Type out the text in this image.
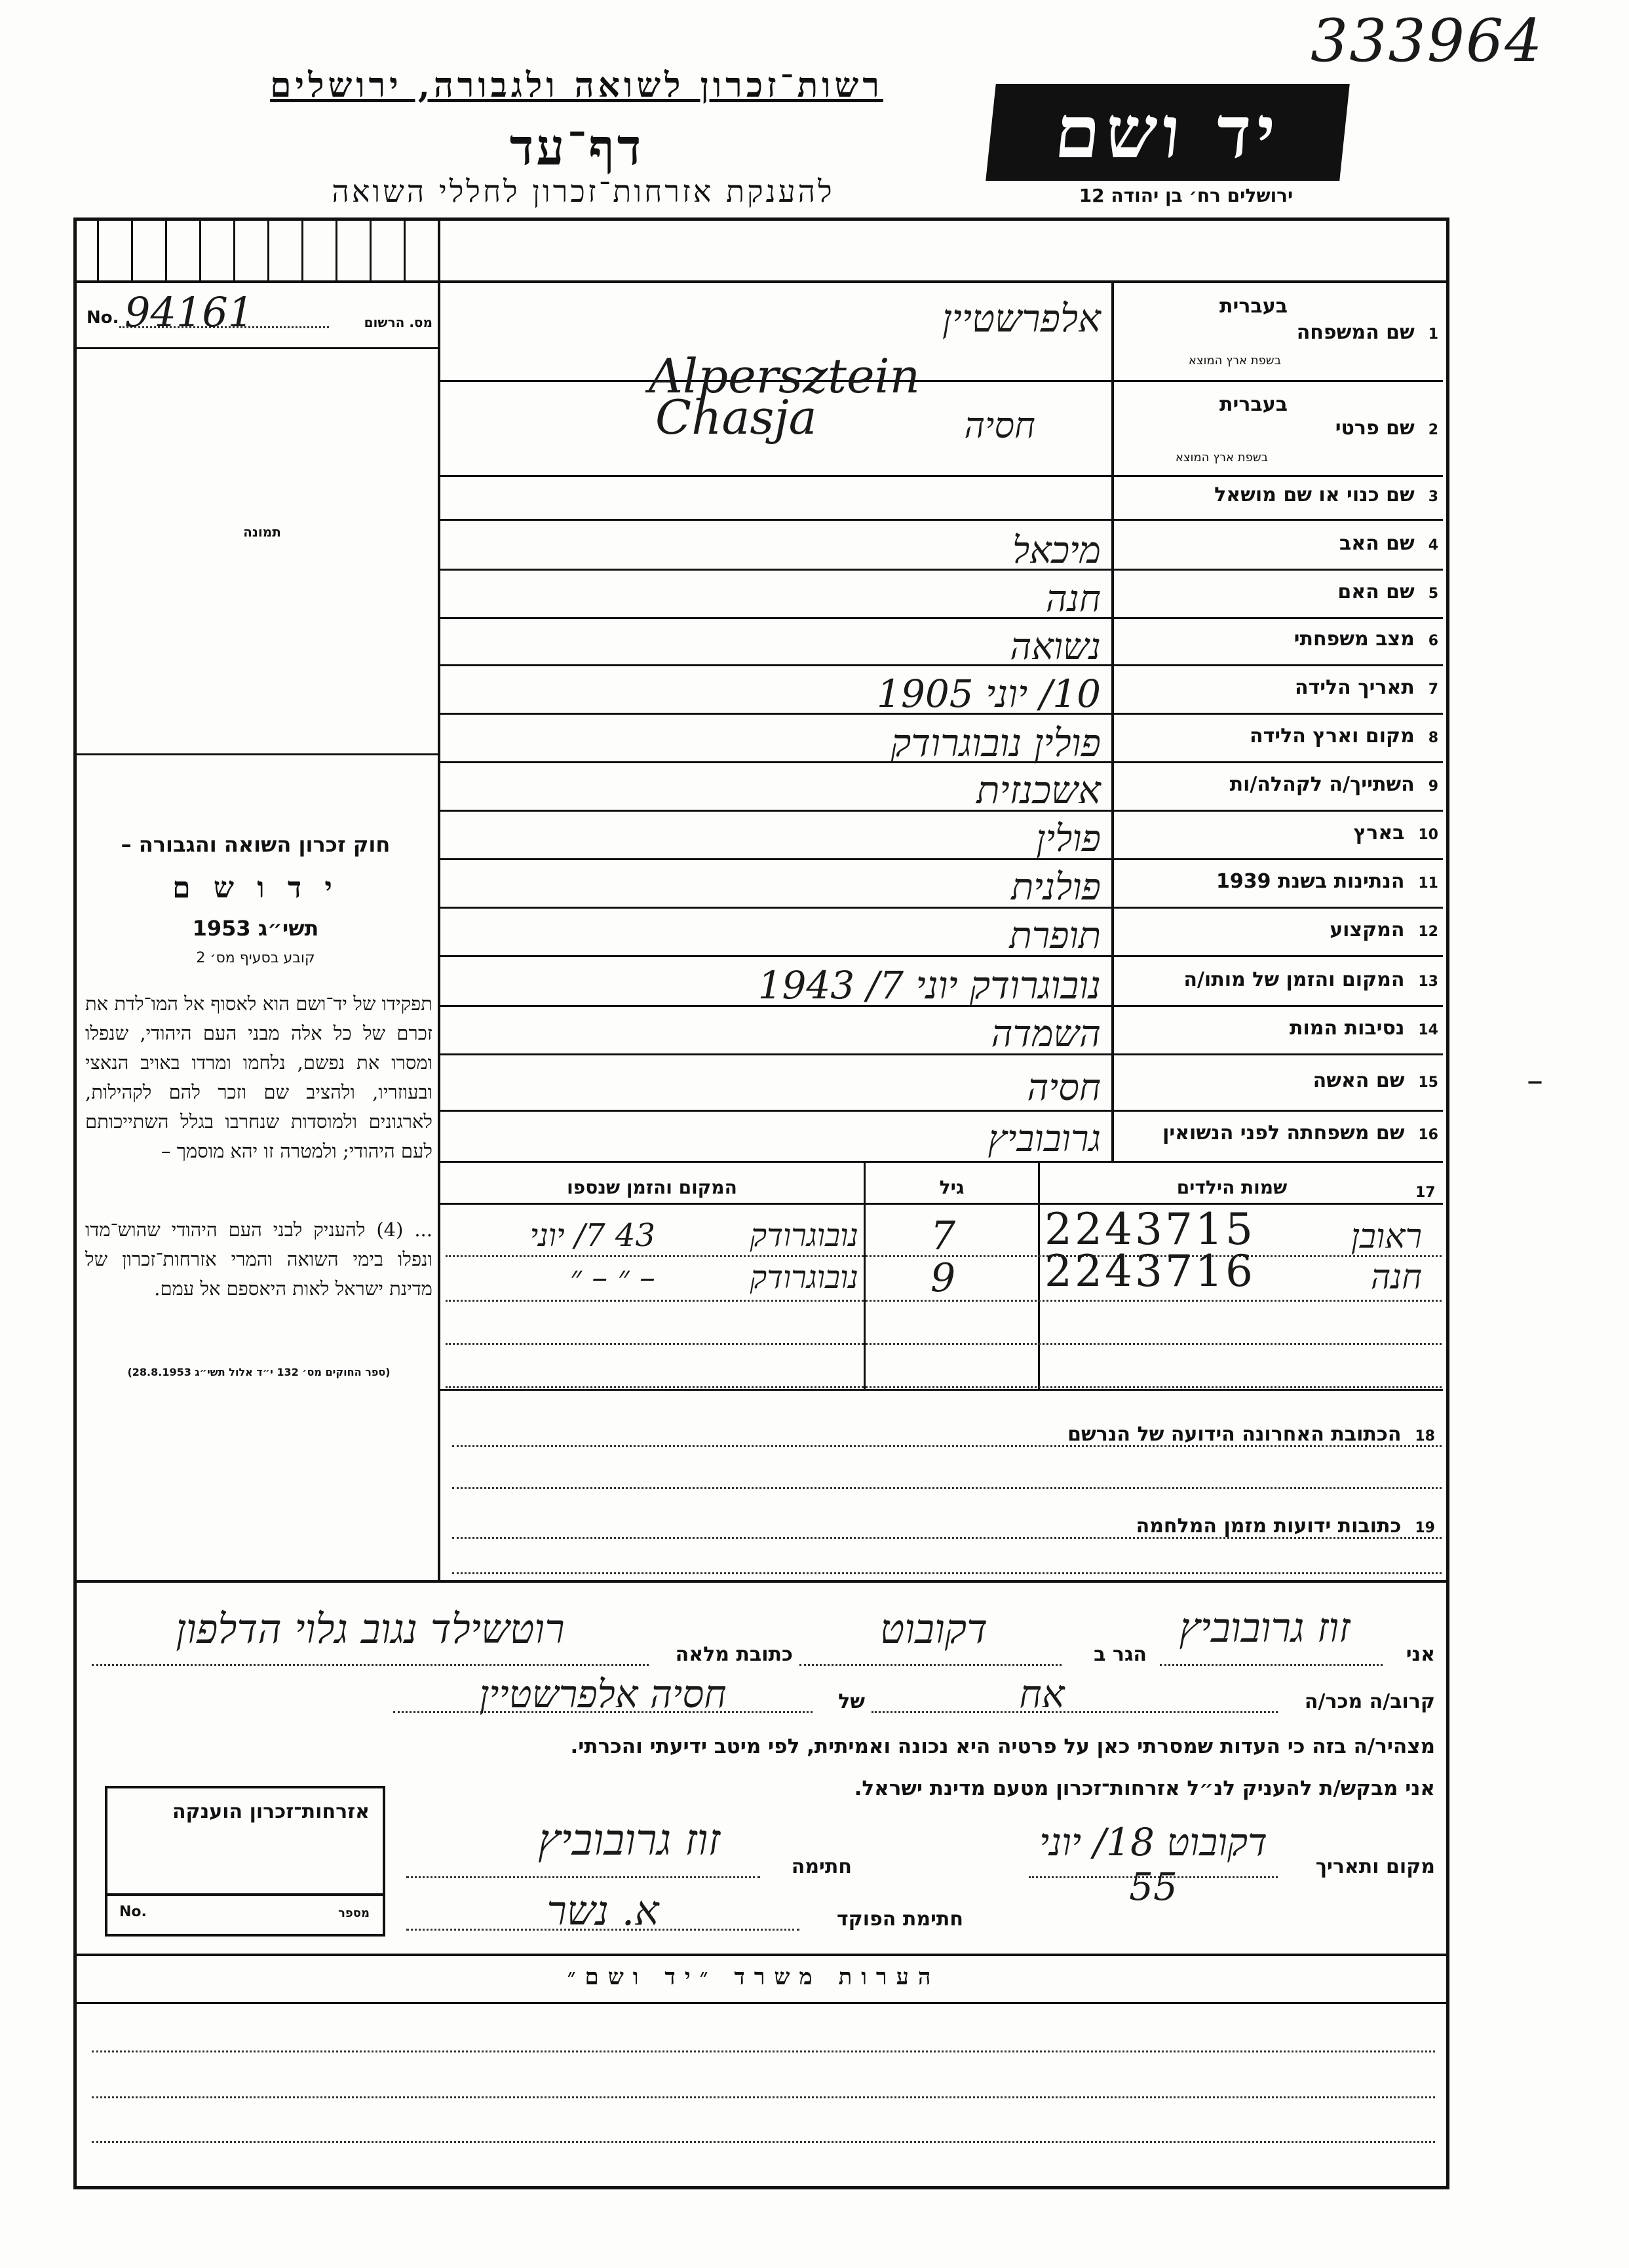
333964
רשות־זכרון לשואה ולגבורה, ירושלים
דף־עד
להענקת אזרחות־זכרון לחללי השואה
יד ושם
ירושלים רח׳ בן יהודה 12
No. 94161	מס. הרשום
תמונה
חוק זכרון השואה והגבורה –
י ד ו ש ם
תשי״ג 1953
קובע בסעיף מס׳ 2
תפקידו של יד־ושם הוא לאסוף אל המו־לדת את זכרם של כל אלה מבני העם היהודי, שנפלו ומסרו את נפשם, נלחמו ומרדו באויב הנאצי ובעוזריו, ולהציב שם וזכר להם לקהילות, לארגונים ולמוסדות שנחרבו בגלל השתייכותם לעם היהודי; ולמטרה זו יהא מוסמך –
... (4) להעניק לבני העם היהודי שהוש־מדו ונפלו בימי השואה והמרי אזרחות־זכרון של מדינת ישראל לאות היאספם אל עמם.
(ספר החוקים מס׳ 132 י״ד אלול תשי״ג 28.8.1953)
1  שם המשפחה
בעברית
בשפת ארץ המוצא
אלפרשטיין
Alpersztein
2  שם פרטי
בעברית
בשפת ארץ המוצא
חסיה
Chasja
3  שם כנוי או שם מושאל
4  שם האב
מיכאל
5  שם האם
חנה
6  מצב משפחתי
נשואה
7  תאריך הלידה
10/ יוני 1905
8  מקום וארץ הלידה
פולין נובוגרודק
9  השתייך/ה לקהלה/ות
אשכנזית
10  בארץ
פולין
11  הנתינות בשנת 1939
פולנית
12  המקצוע
תופרת
13  המקום והזמן של מותו/ה
נובוגרודק יוני 7/ 1943
14  נסיבות המות
השמדה
15  שם האשה
חסיה
16  שם משפחתה לפני הנשואין
גרובוביץ
17
שמות הילדים
גיל
המקום והזמן שנספו
ראובן
2243715
7
נובוגרודק
43 7/ יוני
חנה
2243716
9
נובוגרודק
– ״ – ״
18  הכתובת האחרונה הידועה של הנרשם
19  כתובות ידועות מזמן המלחמה
אני
זוז גרובוביץ
הגר ב
דקובוט
כתובת מלאה
רוטשילד נגוב גלוי הדלפון
קרוב/ה מכר/ה
אח
של
חסיה אלפרשטיין
מצהיר/ה בזה כי העדות שמסרתי כאן על פרטיה היא נכונה ואמיתית, לפי מיטב ידיעתי והכרתי.
אני מבקש/ת להעניק לנ״ל אזרחות־זכרון מטעם מדינת ישראל.
אזרחות־זכרון הוענקה
No.	מספר
מקום ותאריך
דקובוט 18/ יוני 55
חתימה
זוז גרובוביץ
חתימת הפוקד
א. נשר
הערות משרד ״יד ושם״
–
